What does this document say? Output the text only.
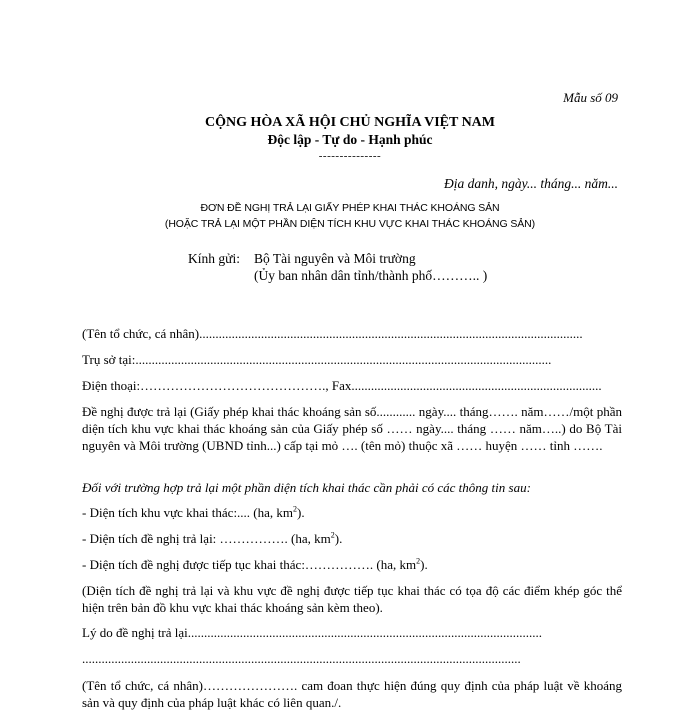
Mẫu số 09
CỘNG HÒA XÃ HỘI CHỦ NGHĨA VIỆT NAM
Độc lập - Tự do - Hạnh phúc
---------------
Địa danh, ngày... tháng... năm...
ĐƠN ĐỀ NGHỊ TRẢ LẠI GIẤY PHÉP KHAI THÁC KHOÁNG SẢN
(HOẶC TRẢ LẠI MỘT PHẦN DIỆN TÍCH KHU VỰC KHAI THÁC KHOÁNG SẢN)
Kính gửi: Bộ Tài nguyên và Môi trường
(Ủy ban nhân dân tỉnh/thành phố……….. )
(Tên tổ chức, cá nhân)......................................................................................................................
Trụ sở tại:................................................................................................................................
Điện thoại:……………………………………., Fax.............................................................................
Đề nghị được trả lại (Giấy phép khai thác khoáng sản số............ ngày.... tháng……. năm……/một phần diện tích khu vực khai thác khoáng sản của Giấy phép số …… ngày.... tháng …… năm…..) do Bộ Tài nguyên và Môi trường (UBND tỉnh...) cấp tại mỏ …. (tên mỏ) thuộc xã …… huyện …… tỉnh …….
Đối với trường hợp trả lại một phần diện tích khai thác cần phải có các thông tin sau:
- Diện tích khu vực khai thác:.... (ha, $km^2$).
- Diện tích đề nghị trả lại: ……………. (ha, $km^2$).
- Diện tích đề nghị được tiếp tục khai thác:……………. (ha, $km^2$).
(Diện tích đề nghị trả lại và khu vực đề nghị được tiếp tục khai thác có tọa độ các điểm khép góc thể hiện trên bản đồ khu vực khai thác khoáng sản kèm theo).
Lý do đề nghị trả lại.............................................................................................................
.......................................................................................................................................
(Tên tổ chức, cá nhân)…………………. cam đoan thực hiện đúng quy định của pháp luật về khoáng sản và quy định của pháp luật khác có liên quan./.
